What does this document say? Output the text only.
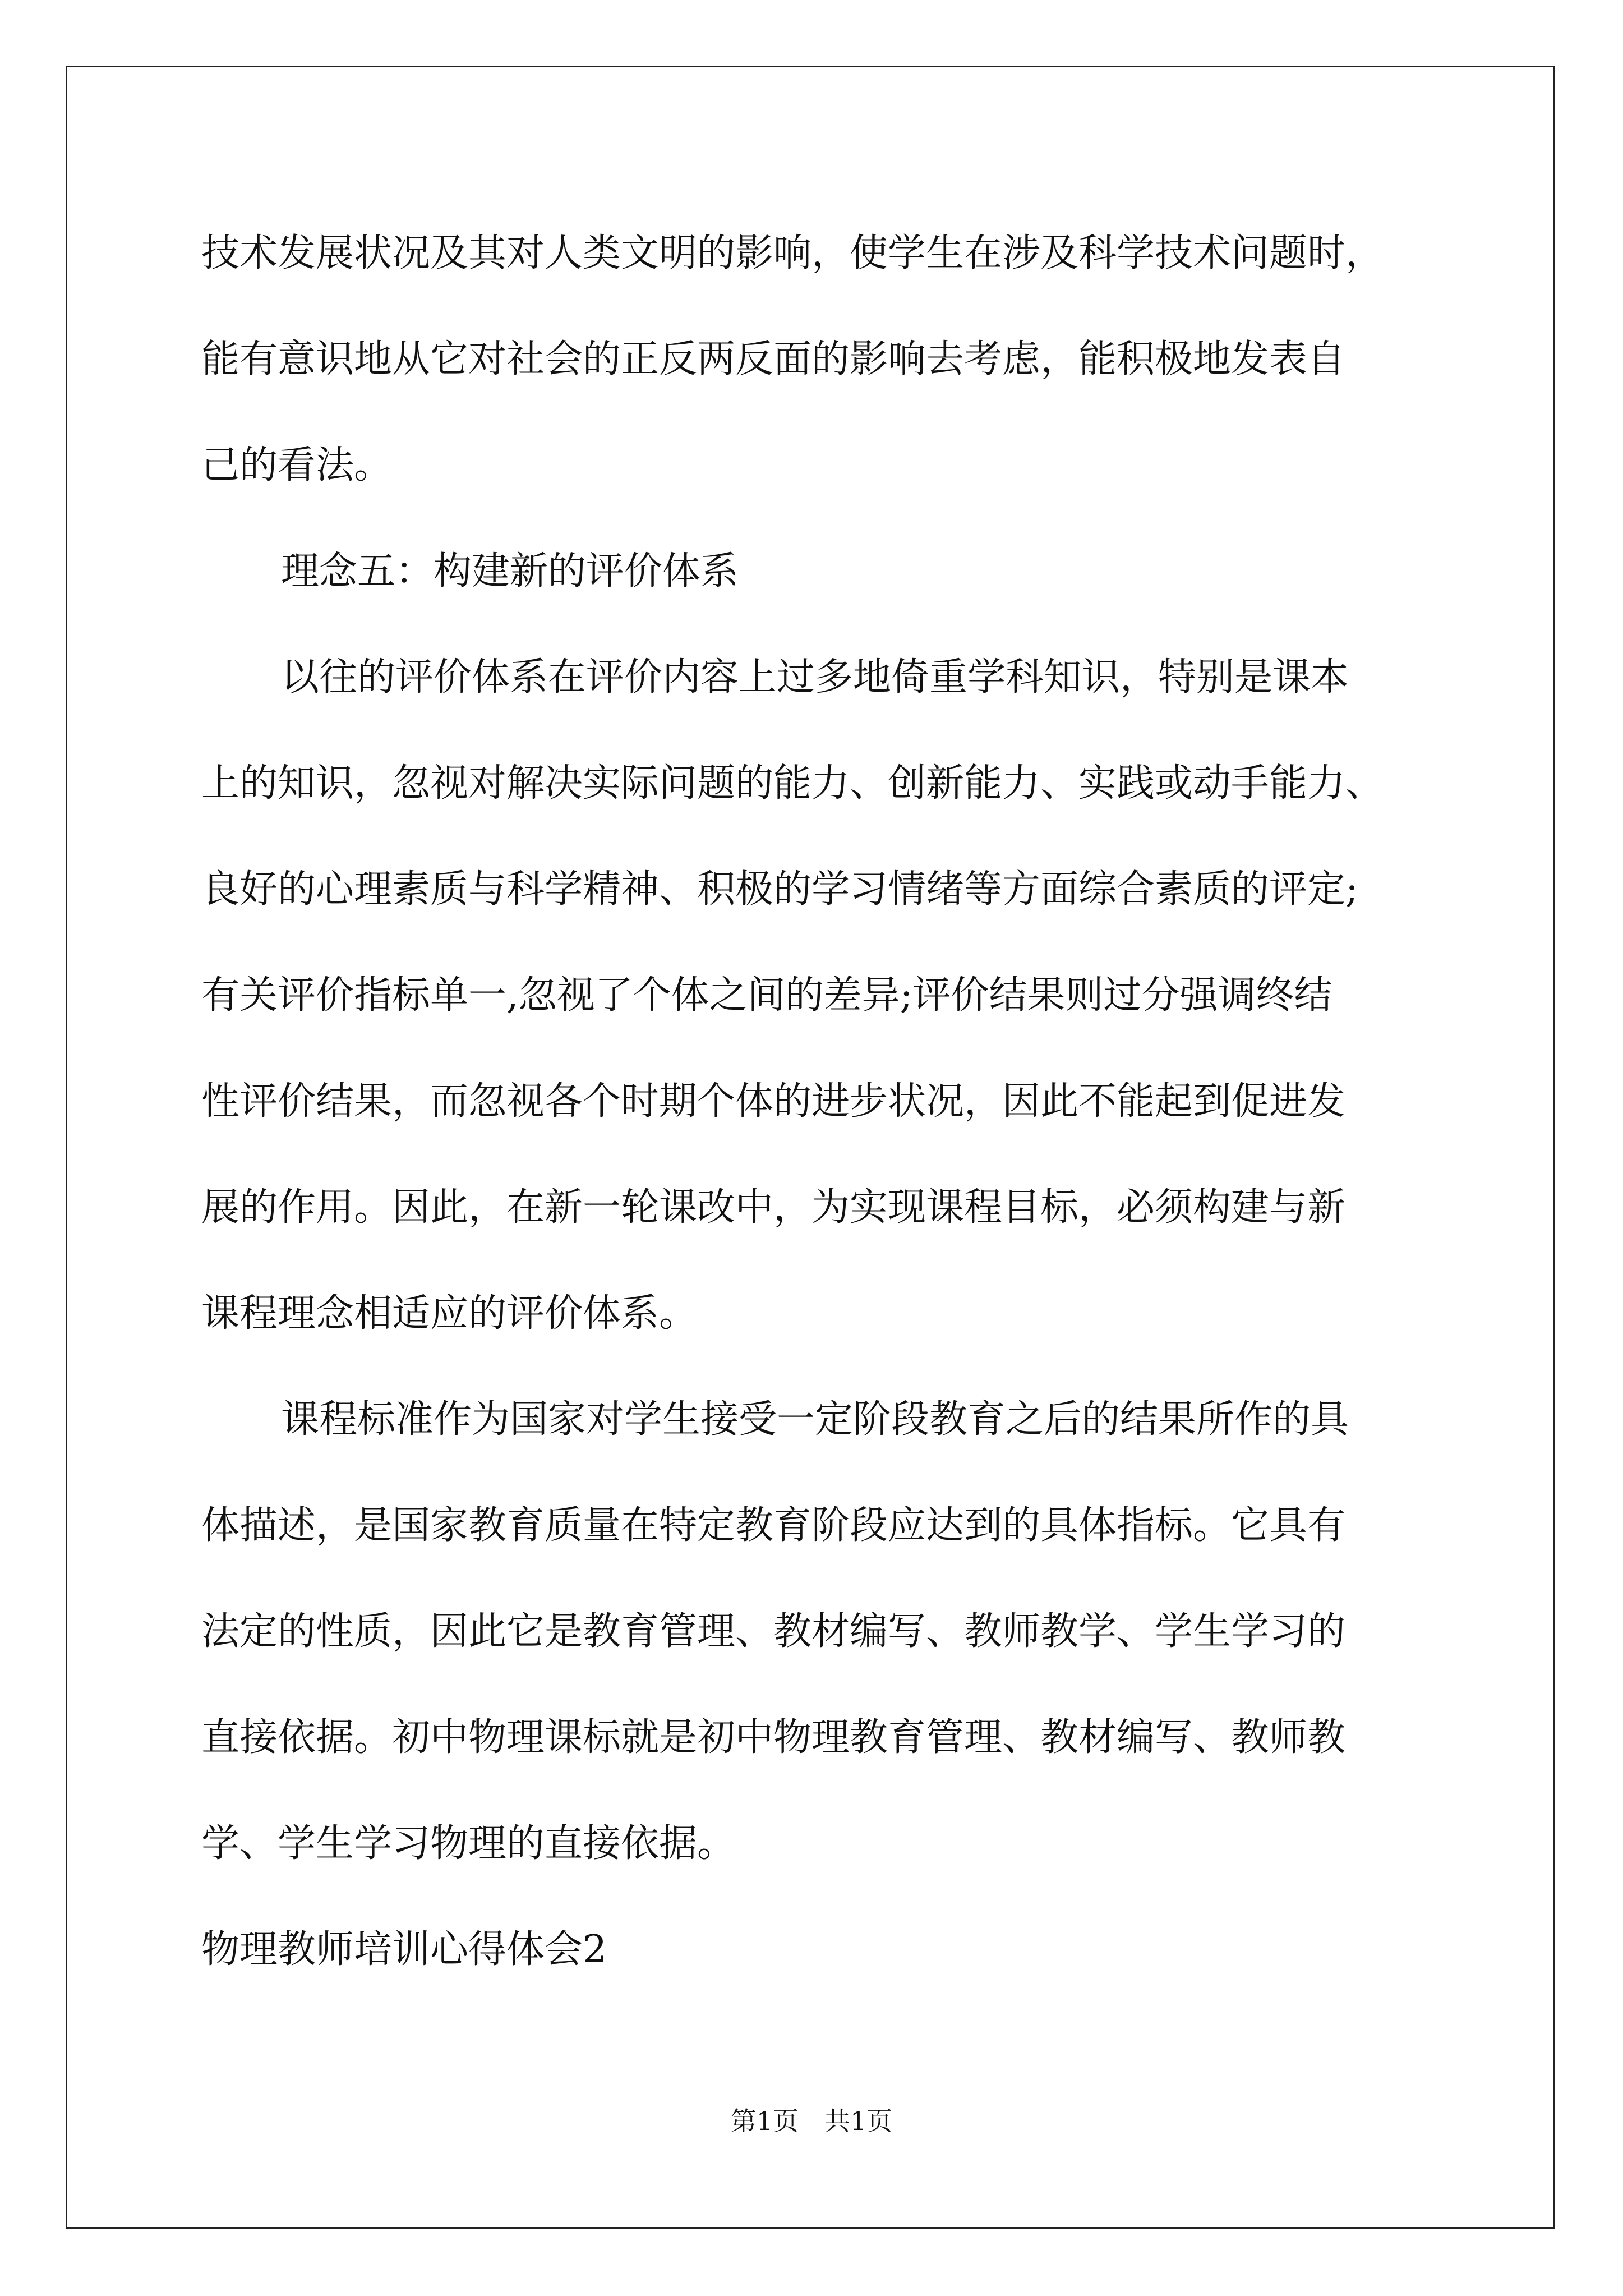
技术发展状况及其对人类文明的影响，使学生在涉及科学技术问题时，
能有意识地从它对社会的正反两反面的影响去考虑，能积极地发表自
己的看法。
理念五：构建新的评价体系
以往的评价体系在评价内容上过多地倚重学科知识，特别是课本
上的知识，忽视对解决实际问题的能力、创新能力、实践或动手能力、
良好的心理素质与科学精神、积极的学习情绪等方面综合素质的评定;
有关评价指标单一,忽视了个体之间的差异;评价结果则过分强调终结
性评价结果，而忽视各个时期个体的进步状况，因此不能起到促进发
展的作用。因此，在新一轮课改中，为实现课程目标，必须构建与新
课程理念相适应的评价体系。
课程标准作为国家对学生接受一定阶段教育之后的结果所作的具
体描述，是国家教育质量在特定教育阶段应达到的具体指标。它具有
法定的性质，因此它是教育管理、教材编写、教师教学、学生学习的
直接依据。初中物理课标就是初中物理教育管理、教材编写、教师教
学、学生学习物理的直接依据。
物理教师培训心得体会2
第1页　共1页
